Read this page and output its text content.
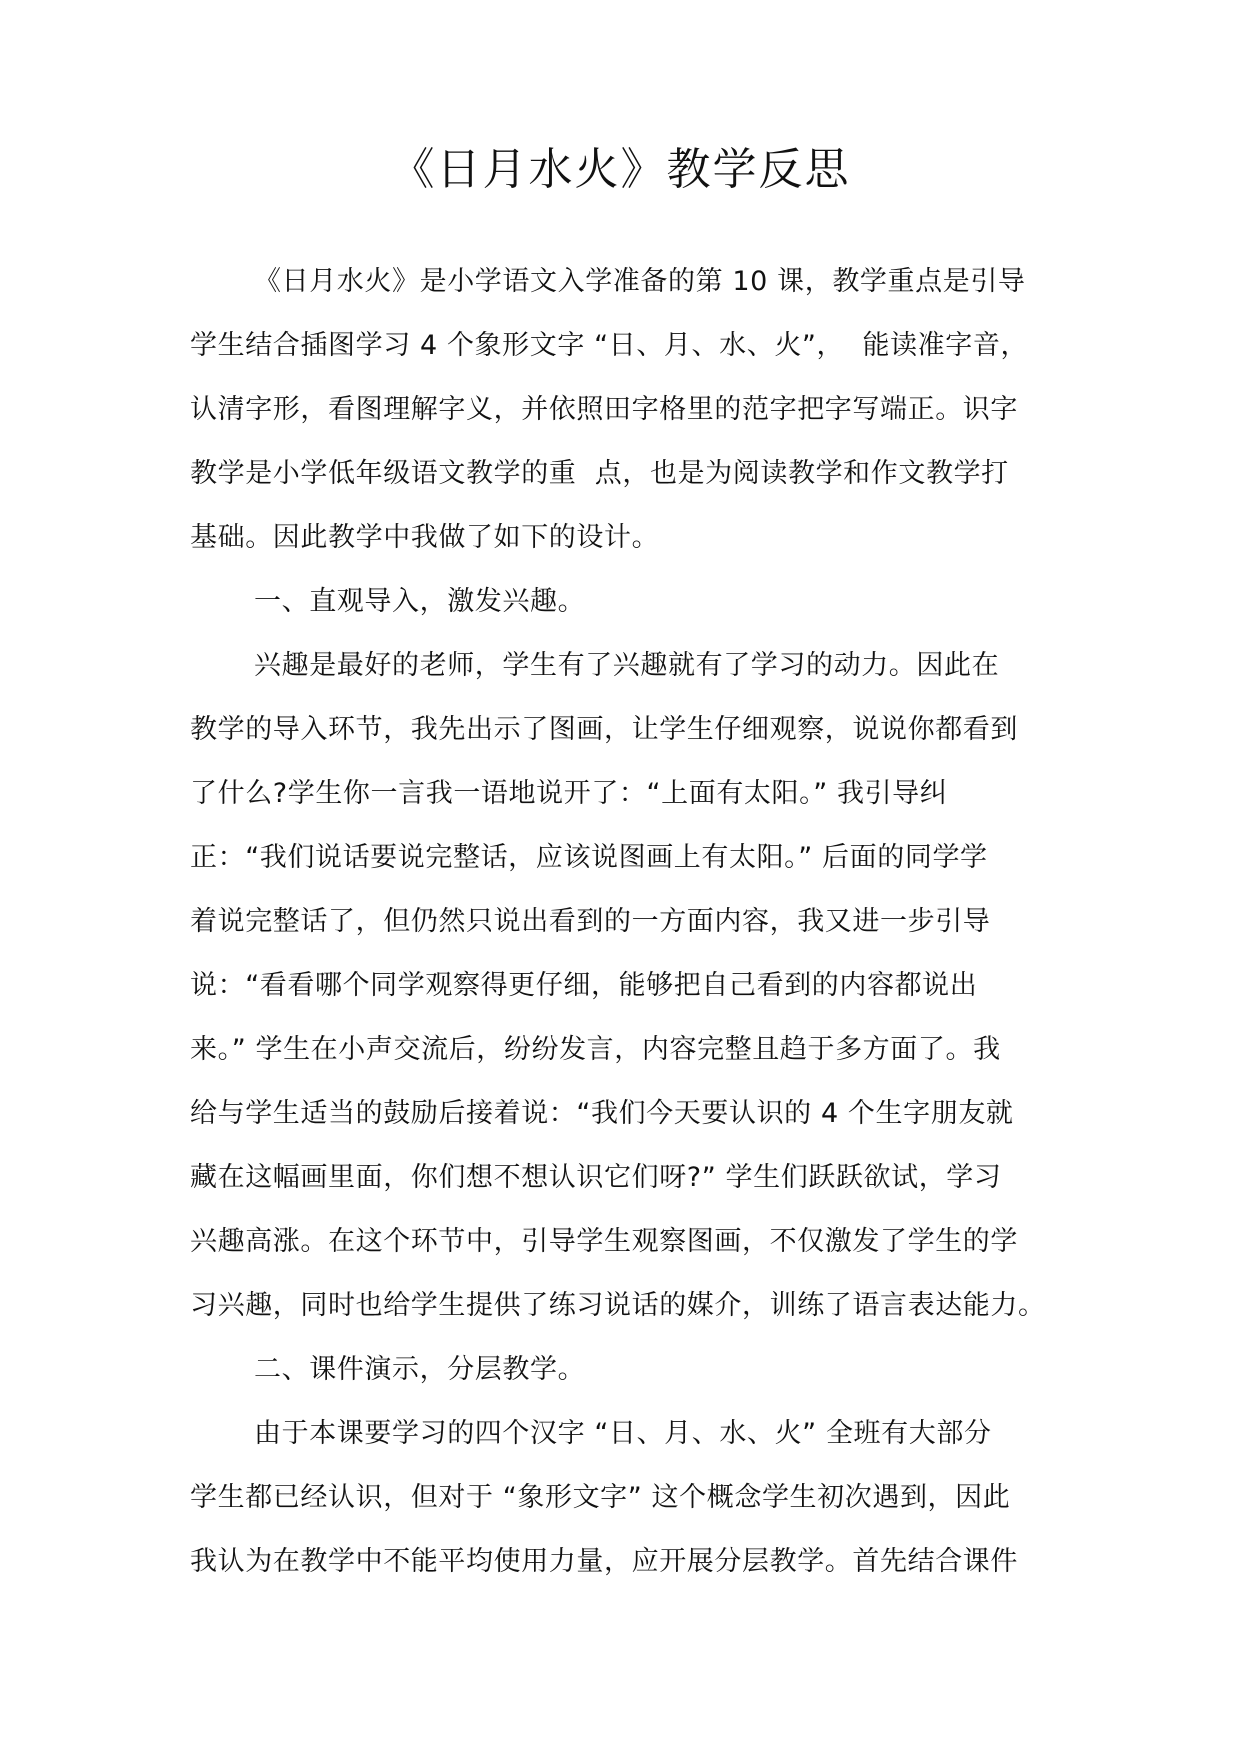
《日月水火》教学反思
《日月水火》是小学语文入学准备的第 10 课，教学重点是引导
学生结合插图学习 4 个象形文字 “日、月、水、火”，  能读准字音，
认清字形，看图理解字义，并依照田字格里的范字把字写端正。识字
教学是小学低年级语文教学的重  点，也是为阅读教学和作文教学打
基础。因此教学中我做了如下的设计。
一、直观导入，激发兴趣。
兴趣是最好的老师，学生有了兴趣就有了学习的动力。因此在
教学的导入环节，我先出示了图画，让学生仔细观察，说说你都看到
了什么?学生你一言我一语地说开了：“上面有太阳。” 我引导纠
正：“我们说话要说完整话，应该说图画上有太阳。” 后面的同学学
着说完整话了，但仍然只说出看到的一方面内容，我又进一步引导
说：“看看哪个同学观察得更仔细，能够把自己看到的内容都说出
来。” 学生在小声交流后，纷纷发言，内容完整且趋于多方面了。我
给与学生适当的鼓励后接着说：“我们今天要认识的 4 个生字朋友就
藏在这幅画里面，你们想不想认识它们呀?” 学生们跃跃欲试，学习
兴趣高涨。在这个环节中，引导学生观察图画，不仅激发了学生的学
习兴趣，同时也给学生提供了练习说话的媒介，训练了语言表达能力。
二、课件演示，分层教学。
由于本课要学习的四个汉字 “日、月、水、火” 全班有大部分
学生都已经认识，但对于 “象形文字” 这个概念学生初次遇到，因此
我认为在教学中不能平均使用力量，应开展分层教学。首先结合课件
